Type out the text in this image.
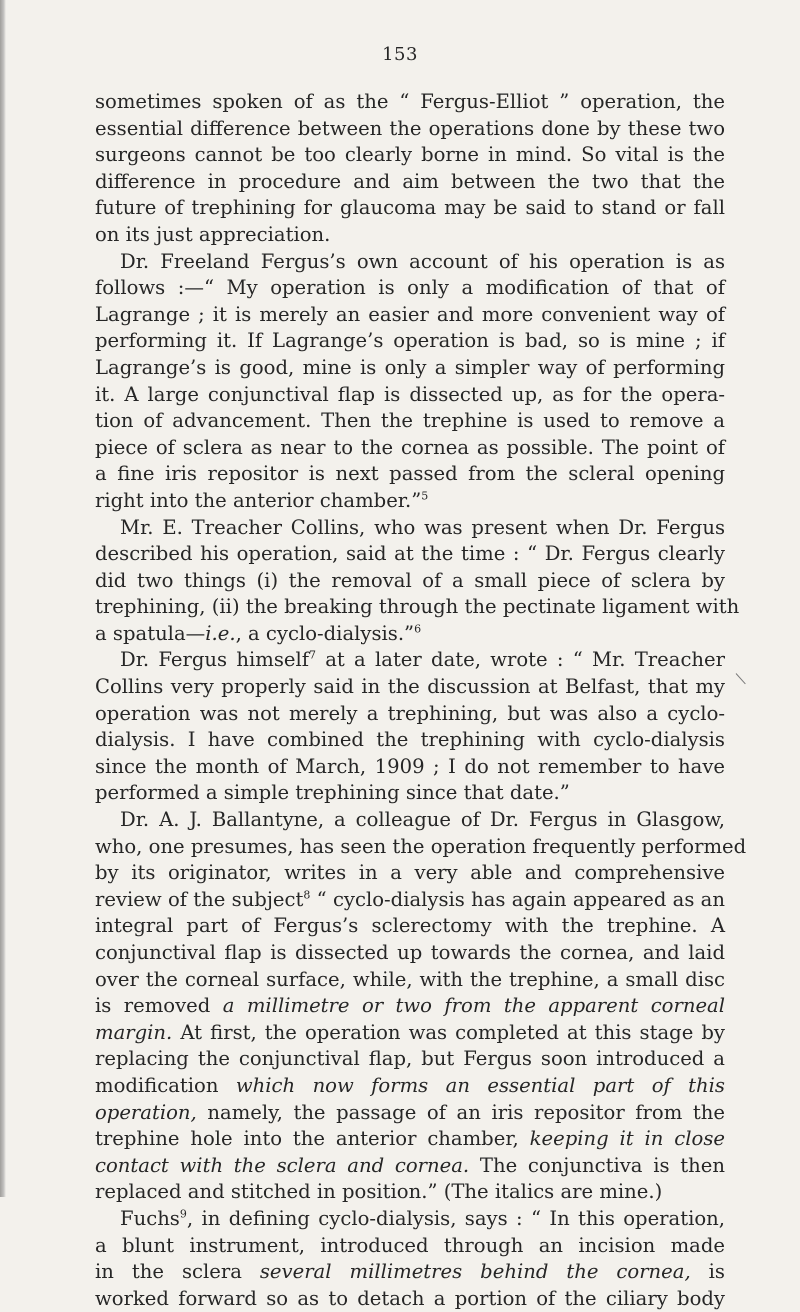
153
sometimes spoken of as the “ Fergus-Elliot ” operation, the
essential difference between the operations done by these two
surgeons cannot be too clearly borne in mind. So vital is the
difference in procedure and aim between the two that the
future of trephining for glaucoma may be said to stand or fall
on its just appreciation.
Dr. Freeland Fergus’s own account of his operation is as
follows :—“ My operation is only a modification of that of
Lagrange ; it is merely an easier and more convenient way of
performing it. If Lagrange’s operation is bad, so is mine ; if
Lagrange’s is good, mine is only a simpler way of performing
it. A large conjunctival flap is dissected up, as for the opera-
tion of advancement. Then the trephine is used to remove a
piece of sclera as near to the cornea as possible. The point of
a fine iris repositor is next passed from the scleral opening
right into the anterior chamber.”$^5$
Mr. E. Treacher Collins, who was present when Dr. Fergus
described his operation, said at the time : “ Dr. Fergus clearly
did two things (i) the removal of a small piece of sclera by
trephining, (ii) the breaking through the pectinate ligament with
a spatula—i.e., a cyclo-dialysis.”$^6$
Dr. Fergus himself$^7$ at a later date, wrote : “ Mr. Treacher
Collins very properly said in the discussion at Belfast, that my
operation was not merely a trephining, but was also a cyclo-
dialysis. I have combined the trephining with cyclo-dialysis
since the month of March, 1909 ; I do not remember to have
performed a simple trephining since that date.”
Dr. A. J. Ballantyne, a colleague of Dr. Fergus in Glasgow,
who, one presumes, has seen the operation frequently performed
by its originator, writes in a very able and comprehensive
review of the subject$^8$ “ cyclo-dialysis has again appeared as an
integral part of Fergus’s sclerectomy with the trephine. A
conjunctival flap is dissected up towards the cornea, and laid
over the corneal surface, while, with the trephine, a small disc
is removed a millimetre or two from the apparent corneal
margin. At first, the operation was completed at this stage by
replacing the conjunctival flap, but Fergus soon introduced a
modification which now forms an essential part of this
operation, namely, the passage of an iris repositor from the
trephine hole into the anterior chamber, keeping it in close
contact with the sclera and cornea. The conjunctiva is then
replaced and stitched in position.” (The italics are mine.)
Fuchs$^9$, in defining cyclo-dialysis, says : “ In this operation,
a blunt instrument, introduced through an incision made
in the sclera several millimetres behind the cornea, is
worked forward so as to detach a portion of the ciliary body
